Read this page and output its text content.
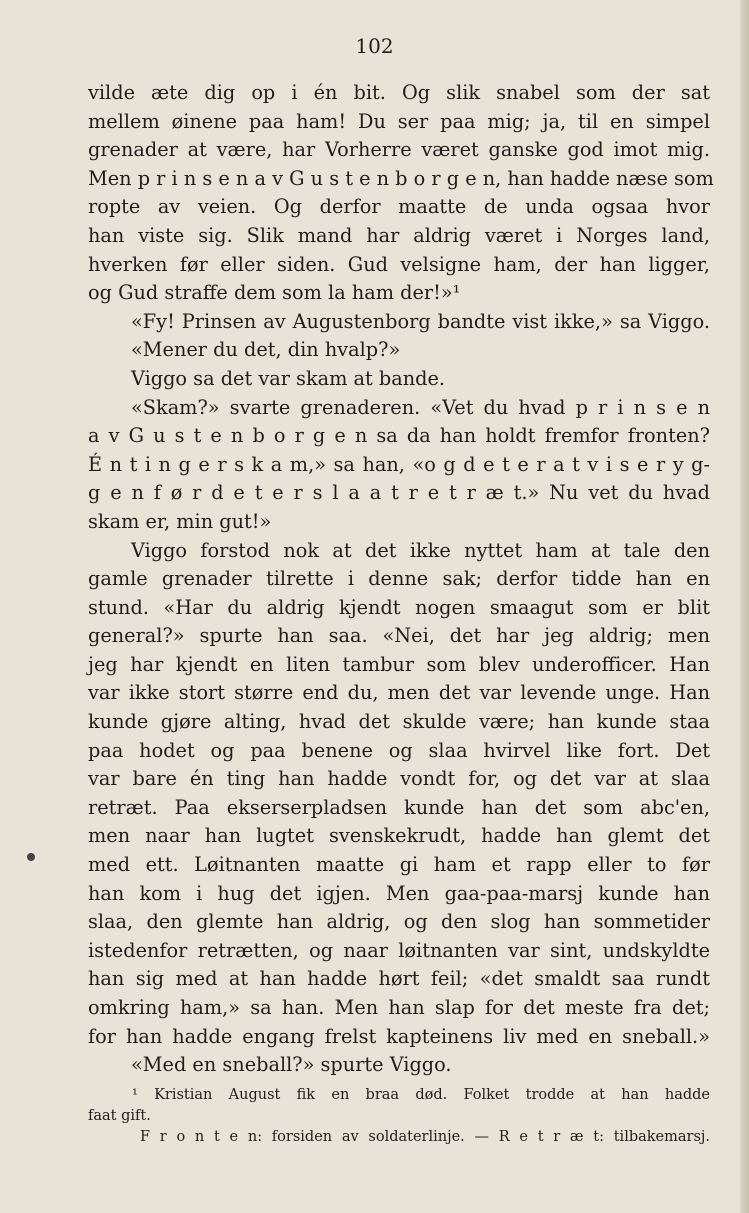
102
vilde æte dig op i én bit. Og slik snabel som der sat
mellem øinene paa ham! Du ser paa mig; ja, til en simpel
grenader at være, har Vorherre været ganske god imot mig.
Men p r i n s e n a v G u s t e n b o r g e n, han hadde næse som
ropte av veien. Og derfor maatte de unda ogsaa hvor
han viste sig. Slik mand har aldrig været i Norges land,
hverken før eller siden. Gud velsigne ham, der han ligger,
og Gud straffe dem som la ham der!»¹
«Fy! Prinsen av Augustenborg bandte vist ikke,» sa Viggo.
«Mener du det, din hvalp?»
Viggo sa det var skam at bande.
«Skam?» svarte grenaderen. «Vet du hvad p r i n s e n
a v G u s t e n b o r g e n sa da han holdt fremfor fronten?
É n t i n g e r s k a m,» sa han, «o g d e t e r a t v i s e r y g-
g e n f ø r d e t e r s l a a t r e t r æ t.» Nu vet du hvad
skam er, min gut!»
Viggo forstod nok at det ikke nyttet ham at tale den
gamle grenader tilrette i denne sak; derfor tidde han en
stund. «Har du aldrig kjendt nogen smaagut som er blit
general?» spurte han saa. «Nei, det har jeg aldrig; men
jeg har kjendt en liten tambur som blev underofficer. Han
var ikke stort større end du, men det var levende unge. Han
kunde gjøre alting, hvad det skulde være; han kunde staa
paa hodet og paa benene og slaa hvirvel like fort. Det
var bare én ting han hadde vondt for, og det var at slaa
retræt. Paa ekserserpladsen kunde han det som abc'en,
men naar han lugtet svenskekrudt, hadde han glemt det
med ett. Løitnanten maatte gi ham et rapp eller to før
han kom i hug det igjen. Men gaa-paa-marsj kunde han
slaa, den glemte han aldrig, og den slog han sommetider
istedenfor retrætten, og naar løitnanten var sint, undskyldte
han sig med at han hadde hørt feil; «det smaldt saa rundt
omkring ham,» sa han. Men han slap for det meste fra det;
for han hadde engang frelst kapteinens liv med en sneball.»
«Med en sneball?» spurte Viggo.
¹ Kristian August fik en braa død. Folket trodde at han hadde
faat gift.
F r o n t e n: forsiden av soldaterlinje. — R e t r æ t: tilbakemarsj.
